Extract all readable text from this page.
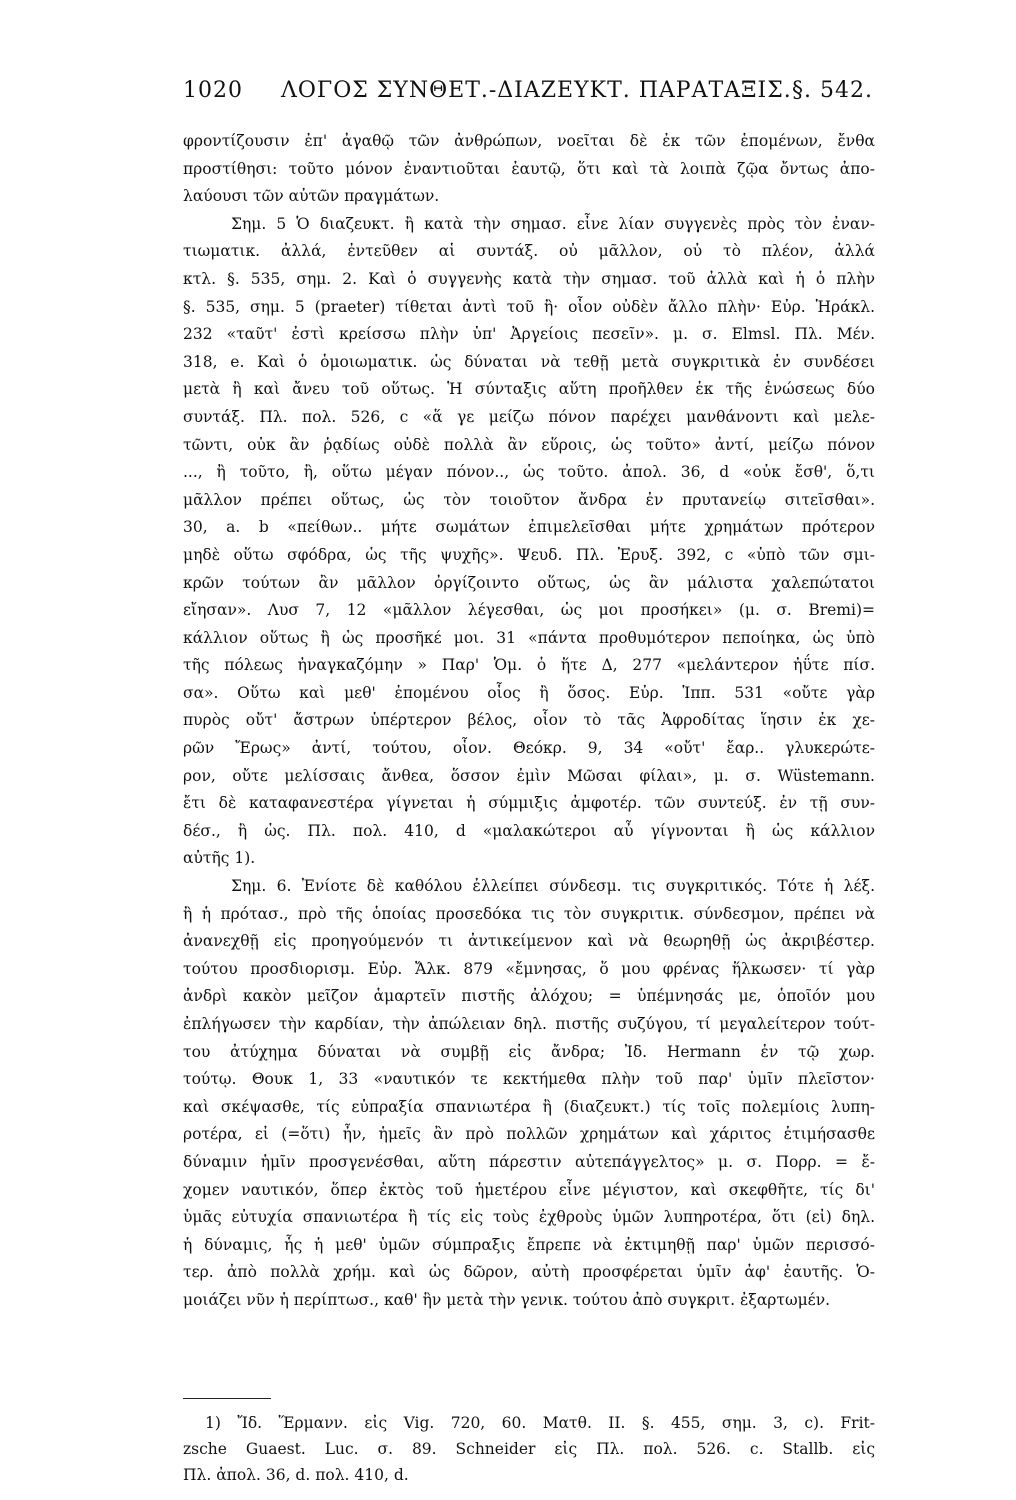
1020 ΛΟΓΟΣ ΣΥΝΘΕΤ.-ΔΙΑΖΕΥΚΤ. ΠΑΡΑΤΑΞΙΣ. §. 542.
φροντίζουσιν ἐπ' ἀγαθῷ τῶν ἀνθρώπων, νοεῖται δὲ ἐκ τῶν ἑπομένων, ἔνθα
προστίθησι: τοῦτο μόνον ἐναντιοῦται ἑαυτῷ, ὅτι καὶ τὰ λοιπὰ ζῷα ὄντως ἀπο-
λαύουσι τῶν αὐτῶν πραγμάτων.
Σημ. 5 Ὁ διαζευκτ. ἢ κατὰ τὴν σημασ. εἶνε λίαν συγγενὲς πρὸς τὸν ἐναν-
τιωματικ. ἀλλά, ἐντεῦθεν αἱ συντάξ. οὐ μᾶλλον, οὐ τὸ πλέον, ἀλλά
κτλ. §. 535, σημ. 2. Καὶ ὁ συγγενὴς κατὰ τὴν σημασ. τοῦ ἀλλὰ καὶ ἡ ὁ πλὴν
§. 535, σημ. 5 (praeter) τίθεται ἀντὶ τοῦ ἢ· οἷον οὐδὲν ἄλλο πλὴν· Εὐρ. Ἡράκλ.
232 «ταῦτ' ἐστὶ κρείσσω πλὴν ὑπ' Ἀργείοις πεσεῖν». μ. σ. Elmsl. Πλ. Μέν.
318, e. Καὶ ὁ ὁμοιωματικ. ὡς δύναται νὰ τεθῇ μετὰ συγκριτικὰ ἐν συνδέσει
μετὰ ἢ καὶ ἄνευ τοῦ οὕτως. Ἡ σύνταξις αὕτη προῆλθεν ἐκ τῆς ἑνώσεως δύο
συντάξ. Πλ. πολ. 526, c «ἅ γε μείζω πόνον παρέχει μανθάνοντι καὶ μελε-
τῶντι, οὐκ ἂν ῥᾳδίως οὐδὲ πολλὰ ἂν εὕροις, ὡς τοῦτο» ἀντί, μείζω πόνον
..., ἢ τοῦτο, ἢ, οὕτω μέγαν πόνον.., ὡς τοῦτο. ἀπολ. 36, d «οὐκ ἔσθ', ὅ,τι
μᾶλλον πρέπει οὕτως, ὡς τὸν τοιοῦτον ἄνδρα ἐν πρυτανείῳ σιτεῖσθαι».
30, a. b «πείθων.. μήτε σωμάτων ἐπιμελεῖσθαι μήτε χρημάτων πρότερον
μηδὲ οὕτω σφόδρα, ὡς τῆς ψυχῆς». Ψευδ. Πλ. Ἐρυξ. 392, c «ὑπὸ τῶν σμι-
κρῶν τούτων ἂν μᾶλλον ὀργίζοιντο οὕτως, ὡς ἂν μάλιστα χαλεπώτατοι
εἴησαν». Λυσ 7, 12 «μᾶλλον λέγεσθαι, ὡς μοι προσήκει» (μ. σ. Bremi)=
κάλλιον οὕτως ἢ ὡς προσῆκέ μοι. 31 «πάντα προθυμότερον πεποίηκα, ὡς ὑπὸ
τῆς πόλεως ἠναγκαζόμην » Παρ' Ὁμ. ὁ ἥτε Δ, 277 «μελάντερον ἠΰτε πίσ.
σα». Οὕτω καὶ μεθ' ἑπομένου οἷος ἢ ὅσος. Εὐρ. Ἱππ. 531 «οὔτε γὰρ
πυρὸς οὔτ' ἄστρων ὑπέρτερον βέλος, οἷον τὸ τᾶς Ἀφροδίτας ἵησιν ἐκ χε-
ρῶν Ἔρως» ἀντί, τούτου, οἷον. Θεόκρ. 9, 34 «οὔτ' ἔαρ.. γλυκερώτε-
ρον, οὔτε μελίσσαις ἄνθεα, ὅσσον ἐμὶν Μῶσαι φίλαι», μ. σ. Wüstemann.
ἔτι δὲ καταφανεστέρα γίγνεται ἡ σύμμιξις ἀμφοτέρ. τῶν συντεύξ. ἐν τῇ συν-
δέσ., ἢ ὡς. Πλ. πολ. 410, d «μαλακώτεροι αὖ γίγνονται ἢ ὡς κάλλιον
αὐτῆς 1).
Σημ. 6. Ἐνίοτε δὲ καθόλου ἐλλείπει σύνδεσμ. τις συγκριτικός. Τότε ἡ λέξ.
ἢ ἡ πρότασ., πρὸ τῆς ὁποίας προσεδόκα τις τὸν συγκριτικ. σύνδεσμον, πρέπει νὰ
ἀνανεχθῇ εἰς προηγούμενόν τι ἀντικείμενον καὶ νὰ θεωρηθῇ ὡς ἀκριβέστερ.
τούτου προσδιορισμ. Εὐρ. Ἄλκ. 879 «ἔμνησας, ὅ μου φρένας ἥλκωσεν· τί γὰρ
ἀνδρὶ κακὸν μεῖζον ἁμαρτεῖν πιστῆς ἀλόχου; = ὑπέμνησάς με, ὁποῖόν μου
ἐπλήγωσεν τὴν καρδίαν, τὴν ἀπώλειαν δηλ. πιστῆς συζύγου, τί μεγαλείτερον τούτ-
του ἀτύχημα δύναται νὰ συμβῇ εἰς ἄνδρα; Ἰδ. Hermann ἐν τῷ χωρ.
τούτῳ. Θουκ 1, 33 «ναυτικόν τε κεκτήμεθα πλὴν τοῦ παρ' ὑμῖν πλεῖστον·
καὶ σκέψασθε, τίς εὐπραξία σπανιωτέρα ἢ (διαζευκτ.) τίς τοῖς πολεμίοις λυπη-
ροτέρα, εἰ (=ὅτι) ἦν, ἡμεῖς ἂν πρὸ πολλῶν χρημάτων καὶ χάριτος ἐτιμήσασθε
δύναμιν ἡμῖν προσγενέσθαι, αὕτη πάρεστιν αὐτεπάγγελτος» μ. σ. Πορρ. = ἔ-
χομεν ναυτικόν, ὅπερ ἐκτὸς τοῦ ἡμετέρου εἶνε μέγιστον, καὶ σκεφθῆτε, τίς δι'
ὑμᾶς εὐτυχία σπανιωτέρα ἢ τίς εἰς τοὺς ἐχθροὺς ὑμῶν λυπηροτέρα, ὅτι (εἰ) δηλ.
ἡ δύναμις, ἧς ἡ μεθ' ὑμῶν σύμπραξις ἔπρεπε νὰ ἐκτιμηθῇ παρ' ὑμῶν περισσό-
τερ. ἀπὸ πολλὰ χρήμ. καὶ ὡς δῶρον, αὐτὴ προσφέρεται ὑμῖν ἀφ' ἑαυτῆς. Ὁ-
μοιάζει νῦν ἡ περίπτωσ., καθ' ἣν μετὰ τὴν γενικ. τούτου ἀπὸ συγκριτ. ἐξαρτωμέν.
1) Ἴδ. Ἕρμανν. εἰς Vig. 720, 60. Ματθ. II. §. 455, σημ. 3, c). Frit-
zsche Guaest. Luc. σ. 89. Schneider εἰς Πλ. πολ. 526. c. Stallb. εἰς
Πλ. ἀπολ. 36, d. πολ. 410, d.
